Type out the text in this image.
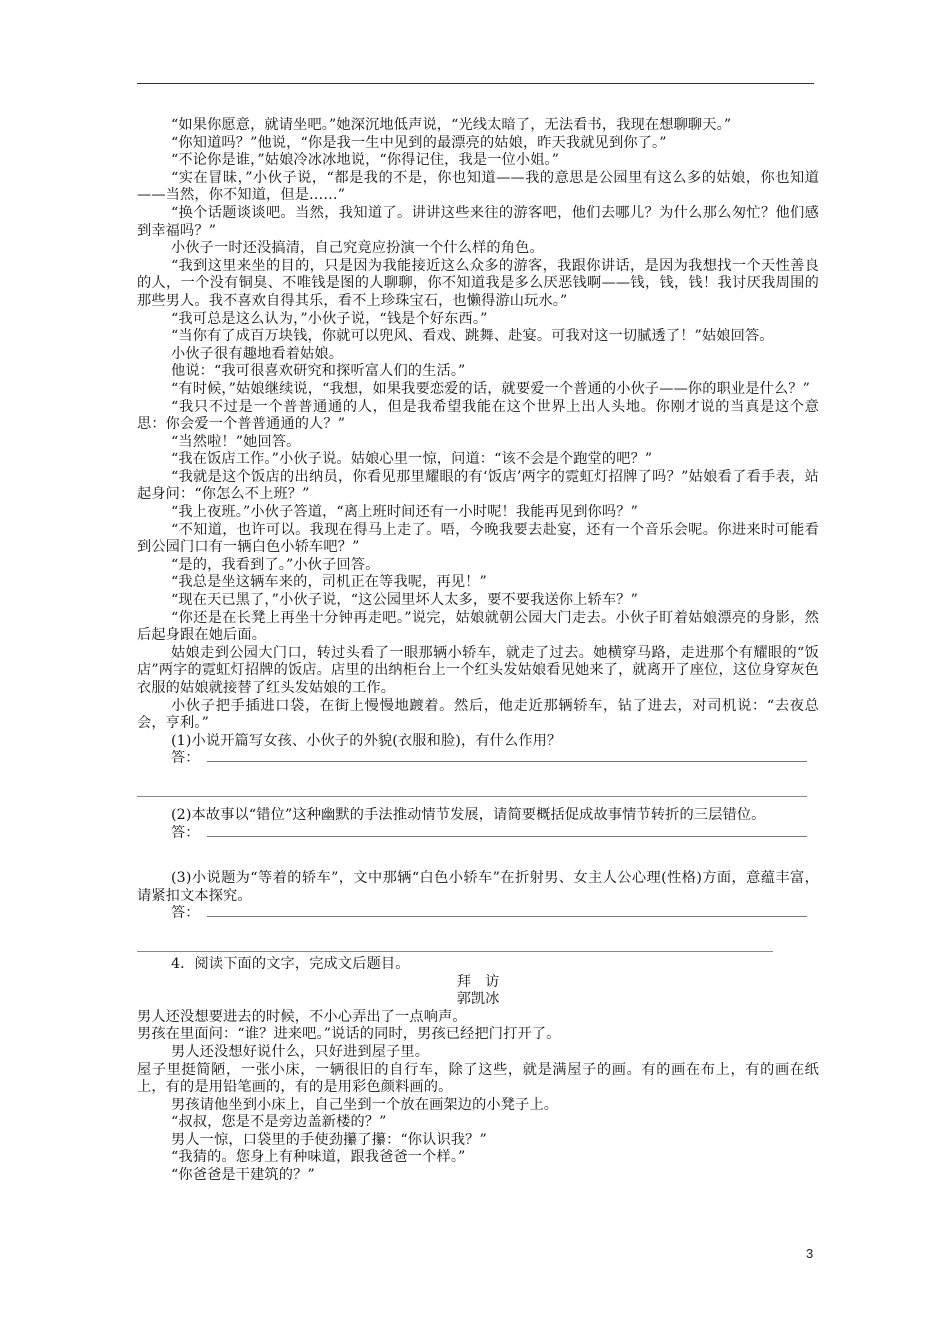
“如果你愿意，就请坐吧。”她深沉地低声说，“光线太暗了，无法看书，我现在想聊聊天。”

“你知道吗？”他说，“你是我一生中见到的最漂亮的姑娘，昨天我就见到你了。”

“不论你是谁，”姑娘冷冰冰地说，“你得记住，我是一位小姐。”

“实在冒昧，”小伙子说，“都是我的不是，你也知道——我的意思是公园里有这么多的姑娘，你也知道——当然，你不知道，但是……”

“换个话题谈谈吧。当然，我知道了。讲讲这些来往的游客吧，他们去哪儿？为什么那么匆忙？他们感到幸福吗？”

小伙子一时还没搞清，自己究竟应扮演一个什么样的角色。

“我到这里来坐的目的，只是因为我能接近这么众多的游客，我跟你讲话，是因为我想找一个天性善良的人，一个没有铜臭、不唯钱是图的人聊聊，你不知道我是多么厌恶钱啊——钱，钱，钱！我讨厌我周围的那些男人。我不喜欢自得其乐，看不上珍珠宝石，也懒得游山玩水。”

“我可总是这么认为，”小伙子说，“钱是个好东西。”

“当你有了成百万块钱，你就可以兜风、看戏、跳舞、赴宴。可我对这一切腻透了！”姑娘回答。

小伙子很有趣地看着姑娘。

他说：“我可很喜欢研究和探听富人们的生活。”

“有时候，”姑娘继续说，“我想，如果我要恋爱的话，就要爱一个普通的小伙子——你的职业是什么？”

“我只不过是一个普普通通的人，但是我希望我能在这个世界上出人头地。你刚才说的当真是这个意思：你会爱一个普普通通的人？”

“当然啦！”她回答。

“我在饭店工作。”小伙子说。姑娘心里一惊，问道：“该不会是个跑堂的吧？”

“我就是这个饭店的出纳员，你看见那里耀眼的有‘饭店’两字的霓虹灯招牌了吗？”姑娘看了看手表，站起身问：“你怎么不上班？”

“我上夜班。”小伙子答道，“离上班时间还有一小时呢！我能再见到你吗？”

“不知道，也许可以。我现在得马上走了。唔，今晚我要去赴宴，还有一个音乐会呢。你进来时可能看到公园门口有一辆白色小轿车吧？”

“是的，我看到了。”小伙子回答。

“我总是坐这辆车来的，司机正在等我呢，再见！”

“现在天已黑了，”小伙子说，“这公园里坏人太多，要不要我送你上轿车？”

“你还是在长凳上再坐十分钟再走吧。”说完，姑娘就朝公园大门走去。小伙子盯着姑娘漂亮的身影，然后起身跟在她后面。

姑娘走到公园大门口，转过头看了一眼那辆小轿车，就走了过去。她横穿马路，走进那个有耀眼的“饭店”两字的霓虹灯招牌的饭店。店里的出纳柜台上一个红头发姑娘看见她来了，就离开了座位，这位身穿灰色衣服的姑娘就接替了红头发姑娘的工作。

小伙子把手插进口袋，在街上慢慢地踱着。然后，他走近那辆轿车，钻了进去，对司机说：“去夜总会，亨利。”

(1)小说开篇写女孩、小伙子的外貌(衣服和脸)，有什么作用？

答：

(2)本故事以“错位”这种幽默的手法推动情节发展，请简要概括促成故事情节转折的三层错位。

答：

(3)小说题为“等着的轿车”，文中那辆“白色小轿车”在折射男、女主人公心理(性格)方面，意蕴丰富，请紧扣文本探究。

答：

4．阅读下面的文字，完成文后题目。

拜　访

郭凯冰

男人还没想要进去的时候，不小心弄出了一点响声。

男孩在里面问：“谁？进来吧。”说话的同时，男孩已经把门打开了。

男人还没想好说什么，只好进到屋子里。

屋子里挺简陋，一张小床，一辆很旧的自行车，除了这些，就是满屋子的画。有的画在布上，有的画在纸上，有的是用铅笔画的，有的是用彩色颜料画的。

男孩请他坐到小床上，自己坐到一个放在画架边的小凳子上。

“叔叔，您是不是旁边盖新楼的？”

男人一惊，口袋里的手使劲攥了攥：“你认识我？”

“我猜的。您身上有种味道，跟我爸爸一个样。”

“你爸爸是干建筑的？”

3
